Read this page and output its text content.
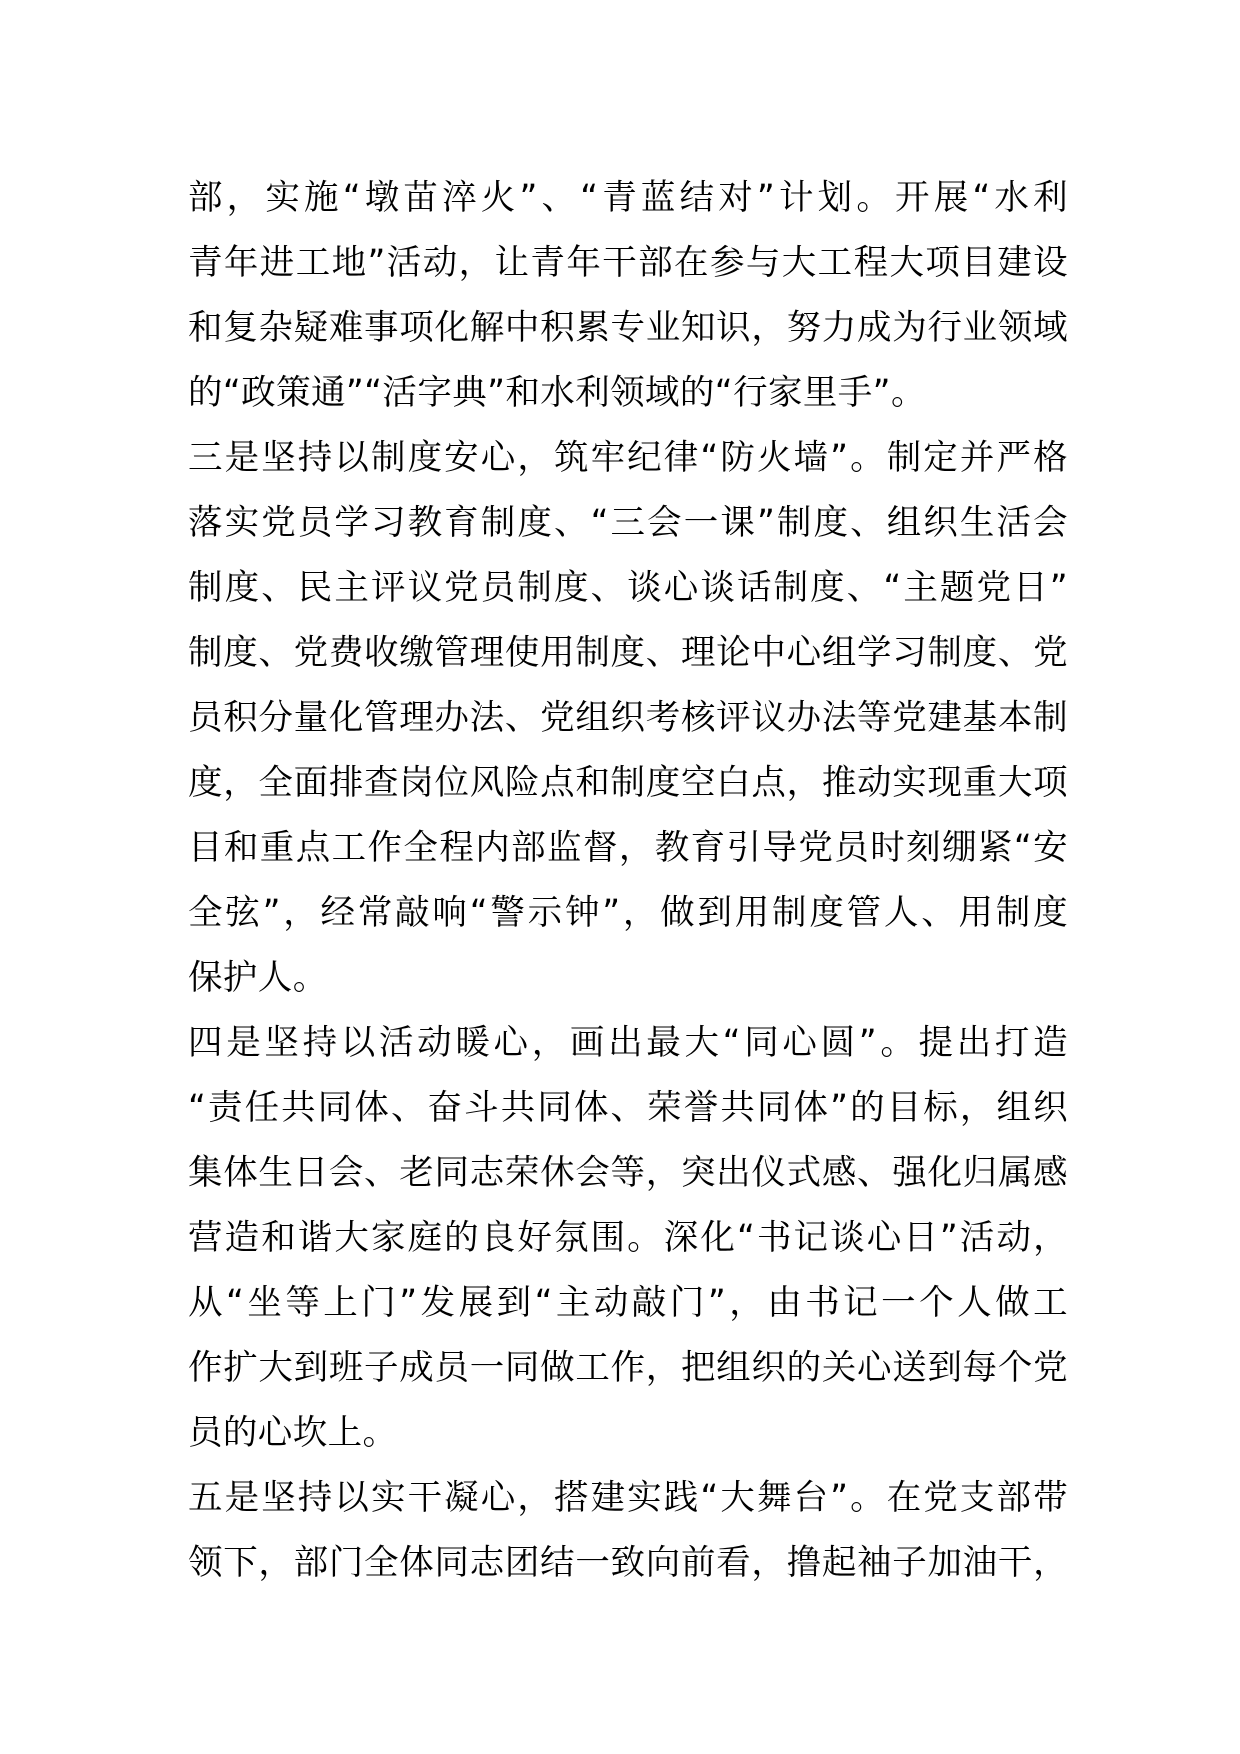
部，实施“墩苗淬火”、“青蓝结对”计划。开展“水利
青年进工地”活动，让青年干部在参与大工程大项目建设
和复杂疑难事项化解中积累专业知识，努力成为行业领域
的“政策通”“活字典”和水利领域的“行家里手”。
三是坚持以制度安心，筑牢纪律“防火墙”。制定并严格
落实党员学习教育制度、“三会一课”制度、组织生活会
制度、民主评议党员制度、谈心谈话制度、“主题党日”
制度、党费收缴管理使用制度、理论中心组学习制度、党
员积分量化管理办法、党组织考核评议办法等党建基本制
度，全面排查岗位风险点和制度空白点，推动实现重大项
目和重点工作全程内部监督，教育引导党员时刻绷紧“安
全弦”，经常敲响“警示钟”，做到用制度管人、用制度
保护人。
四是坚持以活动暖心，画出最大“同心圆”。提出打造
“责任共同体、奋斗共同体、荣誉共同体”的目标，组织
集体生日会、老同志荣休会等，突出仪式感、强化归属感
营造和谐大家庭的良好氛围。深化“书记谈心日”活动，
从“坐等上门”发展到“主动敲门”，由书记一个人做工
作扩大到班子成员一同做工作，把组织的关心送到每个党
员的心坎上。
五是坚持以实干凝心，搭建实践“大舞台”。在党支部带
领下，部门全体同志团结一致向前看，撸起袖子加油干，
